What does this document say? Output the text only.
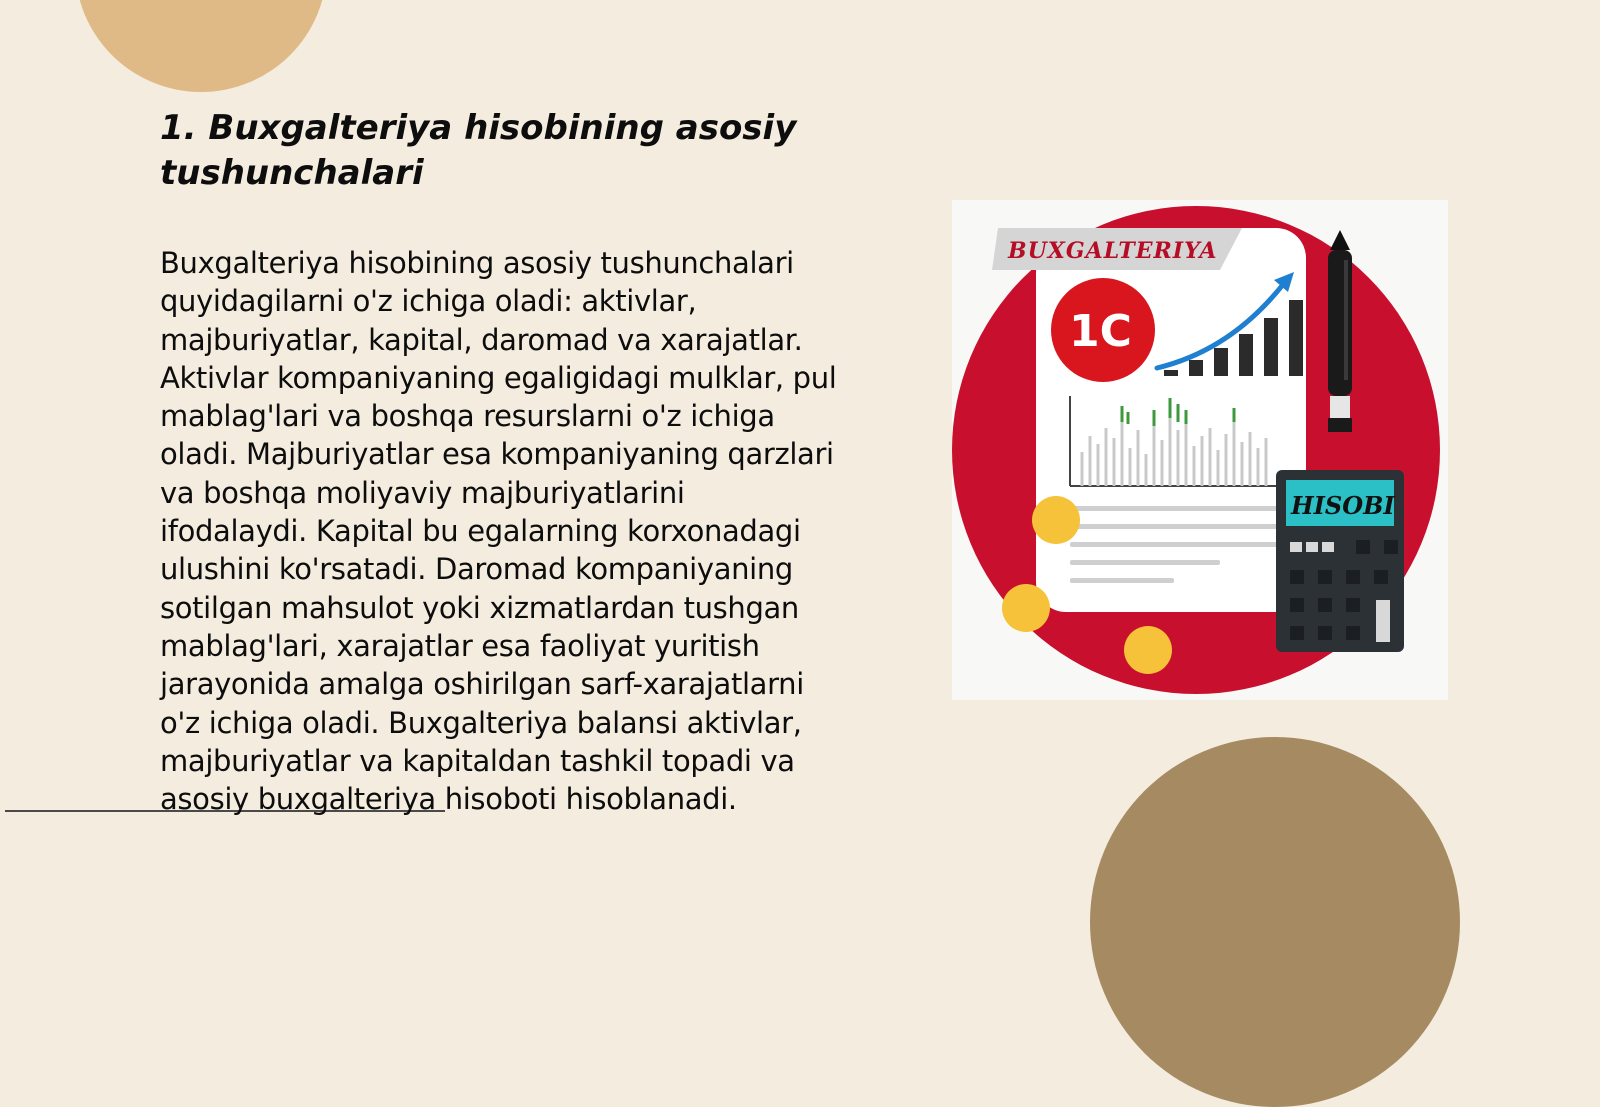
1. Buxgalteriya hisobining asosiy tushunchalari

Buxgalteriya hisobining asosiy tushunchalari quyidagilarni o'z ichiga oladi: aktivlar, majburiyatlar, kapital, daromad va xarajatlar. Aktivlar kompaniyaning egaligidagi mulklar, pul mablag'lari va boshqa resurslarni o'z ichiga oladi. Majburiyatlar esa kompaniyaning qarzlari va boshqa moliyaviy majburiyatlarini ifodalaydi. Kapital bu egalarning korxonadagi ulushini ko'rsatadi. Daromad kompaniyaning sotilgan mahsulot yoki xizmatlardan tushgan mablag'lari, xarajatlar esa faoliyat yuritish jarayonida amalga oshirilgan sarf-xarajatlarni o'z ichiga oladi. Buxgalteriya balansi aktivlar, majburiyatlar va kapitaldan tashkil topadi va asosiy buxgalteriya hisoboti hisoblanadi.

BUXGALTERIYA
1C
HISOBI
